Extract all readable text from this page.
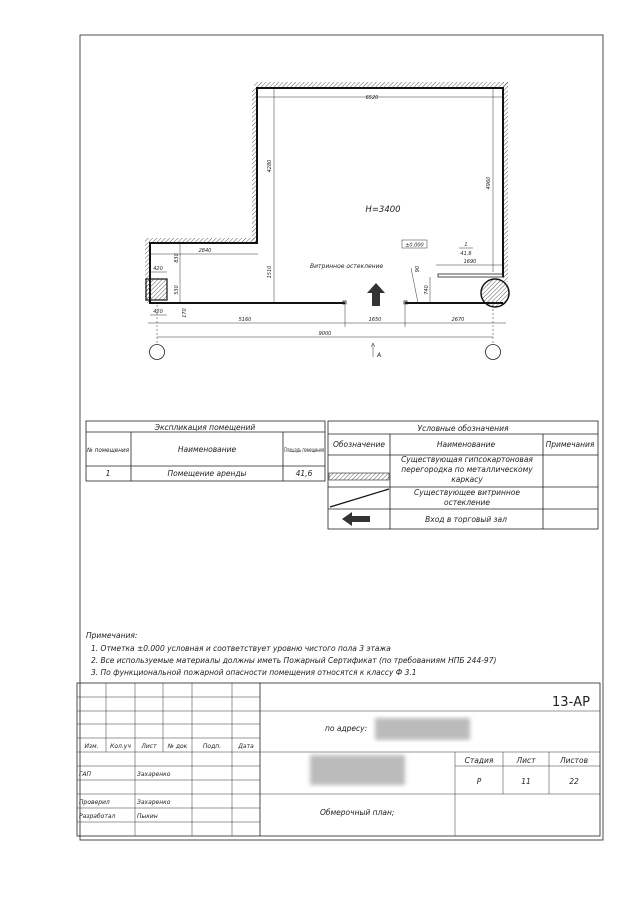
6520
4280
4960
2840
1510
830
530
170
420
420
5160	1650	2670
9000
1690
740
90
H=3400
±0.000	1
41,6
Витринное остекление
А
Экспликация помещений
№ помещения	Наименование	Площадь помещения
1	Помещение аренды	41,6
Условные обозначения
Обозначение	Наименование	Примечания
Существующая гипсокартоновая перегородка по металлическому каркасу
Существующее витринное остекление
Вход в торговый зал
Примечания:
1. Отметка ±0.000 условная и соответствует уровню чистого пола 3 этажа
2. Все используемые материалы должны иметь Пожарный Сертификат (по требованиям НПБ 244-97)
3. По функциональной пожарной опасности помещения относятся к классу Ф 3.1
Изм. Кол.уч Лист № док	Подп.	Дата
ГАП	Захаренко
Проверил	Захаренко
Разработал	Пыкин
13-АР
по адресу:
Стадия	Лист	Листов
Р	11	22
Обмерочный план;
